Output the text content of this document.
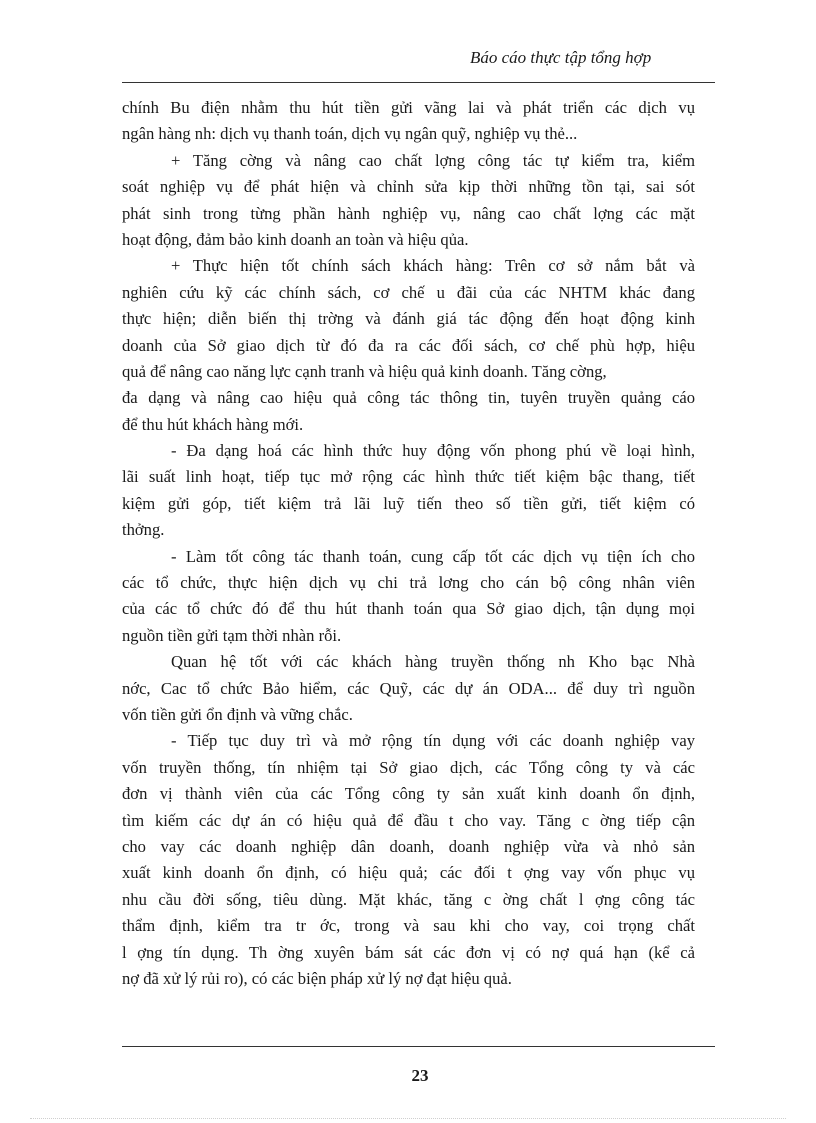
Báo cáo thực tập tổng hợp
chính Bu điện nhằm thu hút tiền gửi vãng lai và phát triển các dịch vụ
ngân hàng nh: dịch vụ thanh toán, dịch vụ ngân quỹ, nghiệp vụ thẻ...
+ Tăng cờng và nâng cao chất lợng công tác tự kiểm tra, kiểm
soát nghiệp vụ để phát hiện và chỉnh sửa kịp thời những tồn tại, sai sót
phát sinh trong từng phần hành nghiệp vụ, nâng cao chất lợng các mặt
hoạt động, đảm bảo kinh doanh an toàn và hiệu qủa.
+ Thực hiện tốt chính sách khách hàng: Trên cơ sở nắm bắt và
nghiên cứu kỹ các chính sách, cơ chế u đãi của các NHTM khác đang
thực hiện; diễn biến thị trờng và đánh giá tác động đến hoạt động kinh
doanh của Sở giao dịch từ đó đa ra các đối sách, cơ chế phù hợp, hiệu
quả để nâng cao năng lực cạnh tranh và hiệu quả kinh doanh. Tăng cờng,
đa dạng và nâng cao hiệu quả công tác thông tin, tuyên truyền quảng cáo
để thu hút khách hàng mới.
- Đa dạng hoá các hình thức huy động vốn phong phú về loại hình,
lãi suất linh hoạt, tiếp tục mở rộng các hình thức tiết kiệm bậc thang, tiết
kiệm gửi góp, tiết kiệm trả lãi luỹ tiến theo số tiền gửi, tiết kiệm có
thởng.
- Làm tốt công tác thanh toán, cung cấp tốt các dịch vụ tiện ích cho
các tổ chức, thực hiện dịch vụ chi trả lơng cho cán bộ công nhân viên
của các tổ chức đó để thu hút thanh toán qua Sở giao dịch, tận dụng mọi
nguồn tiền gửi tạm thời nhàn rỗi.
Quan hệ tốt với các khách hàng truyền thống nh Kho bạc Nhà
nớc, Cac tổ chức Bảo hiểm, các Quỹ, các dự án ODA... để duy trì nguồn
vốn tiền gửi ổn định và vững chắc.
- Tiếp tục duy trì và mở rộng tín dụng với các doanh nghiệp vay
vốn truyền thống, tín nhiệm tại Sở giao dịch, các Tổng công ty và các
đơn vị thành viên của các Tổng công ty sản xuất kinh doanh ổn định,
tìm kiếm các dự án có hiệu quả để đầu t cho vay. Tăng c ờng tiếp cận
cho vay các doanh nghiệp dân doanh, doanh nghiệp vừa và nhỏ sản
xuất kinh doanh ổn định, có hiệu quả; các đối t ợng vay vốn phục vụ
nhu cầu đời sống, tiêu dùng. Mặt khác, tăng c ờng chất l ợng công tác
thẩm định, kiểm tra tr ớc, trong và sau khi cho vay, coi trọng chất
l ợng tín dụng. Th ờng xuyên bám sát các đơn vị có nợ quá hạn (kể cả
nợ đã xử lý rủi ro), có các biện pháp xử lý nợ đạt hiệu quả.
23
